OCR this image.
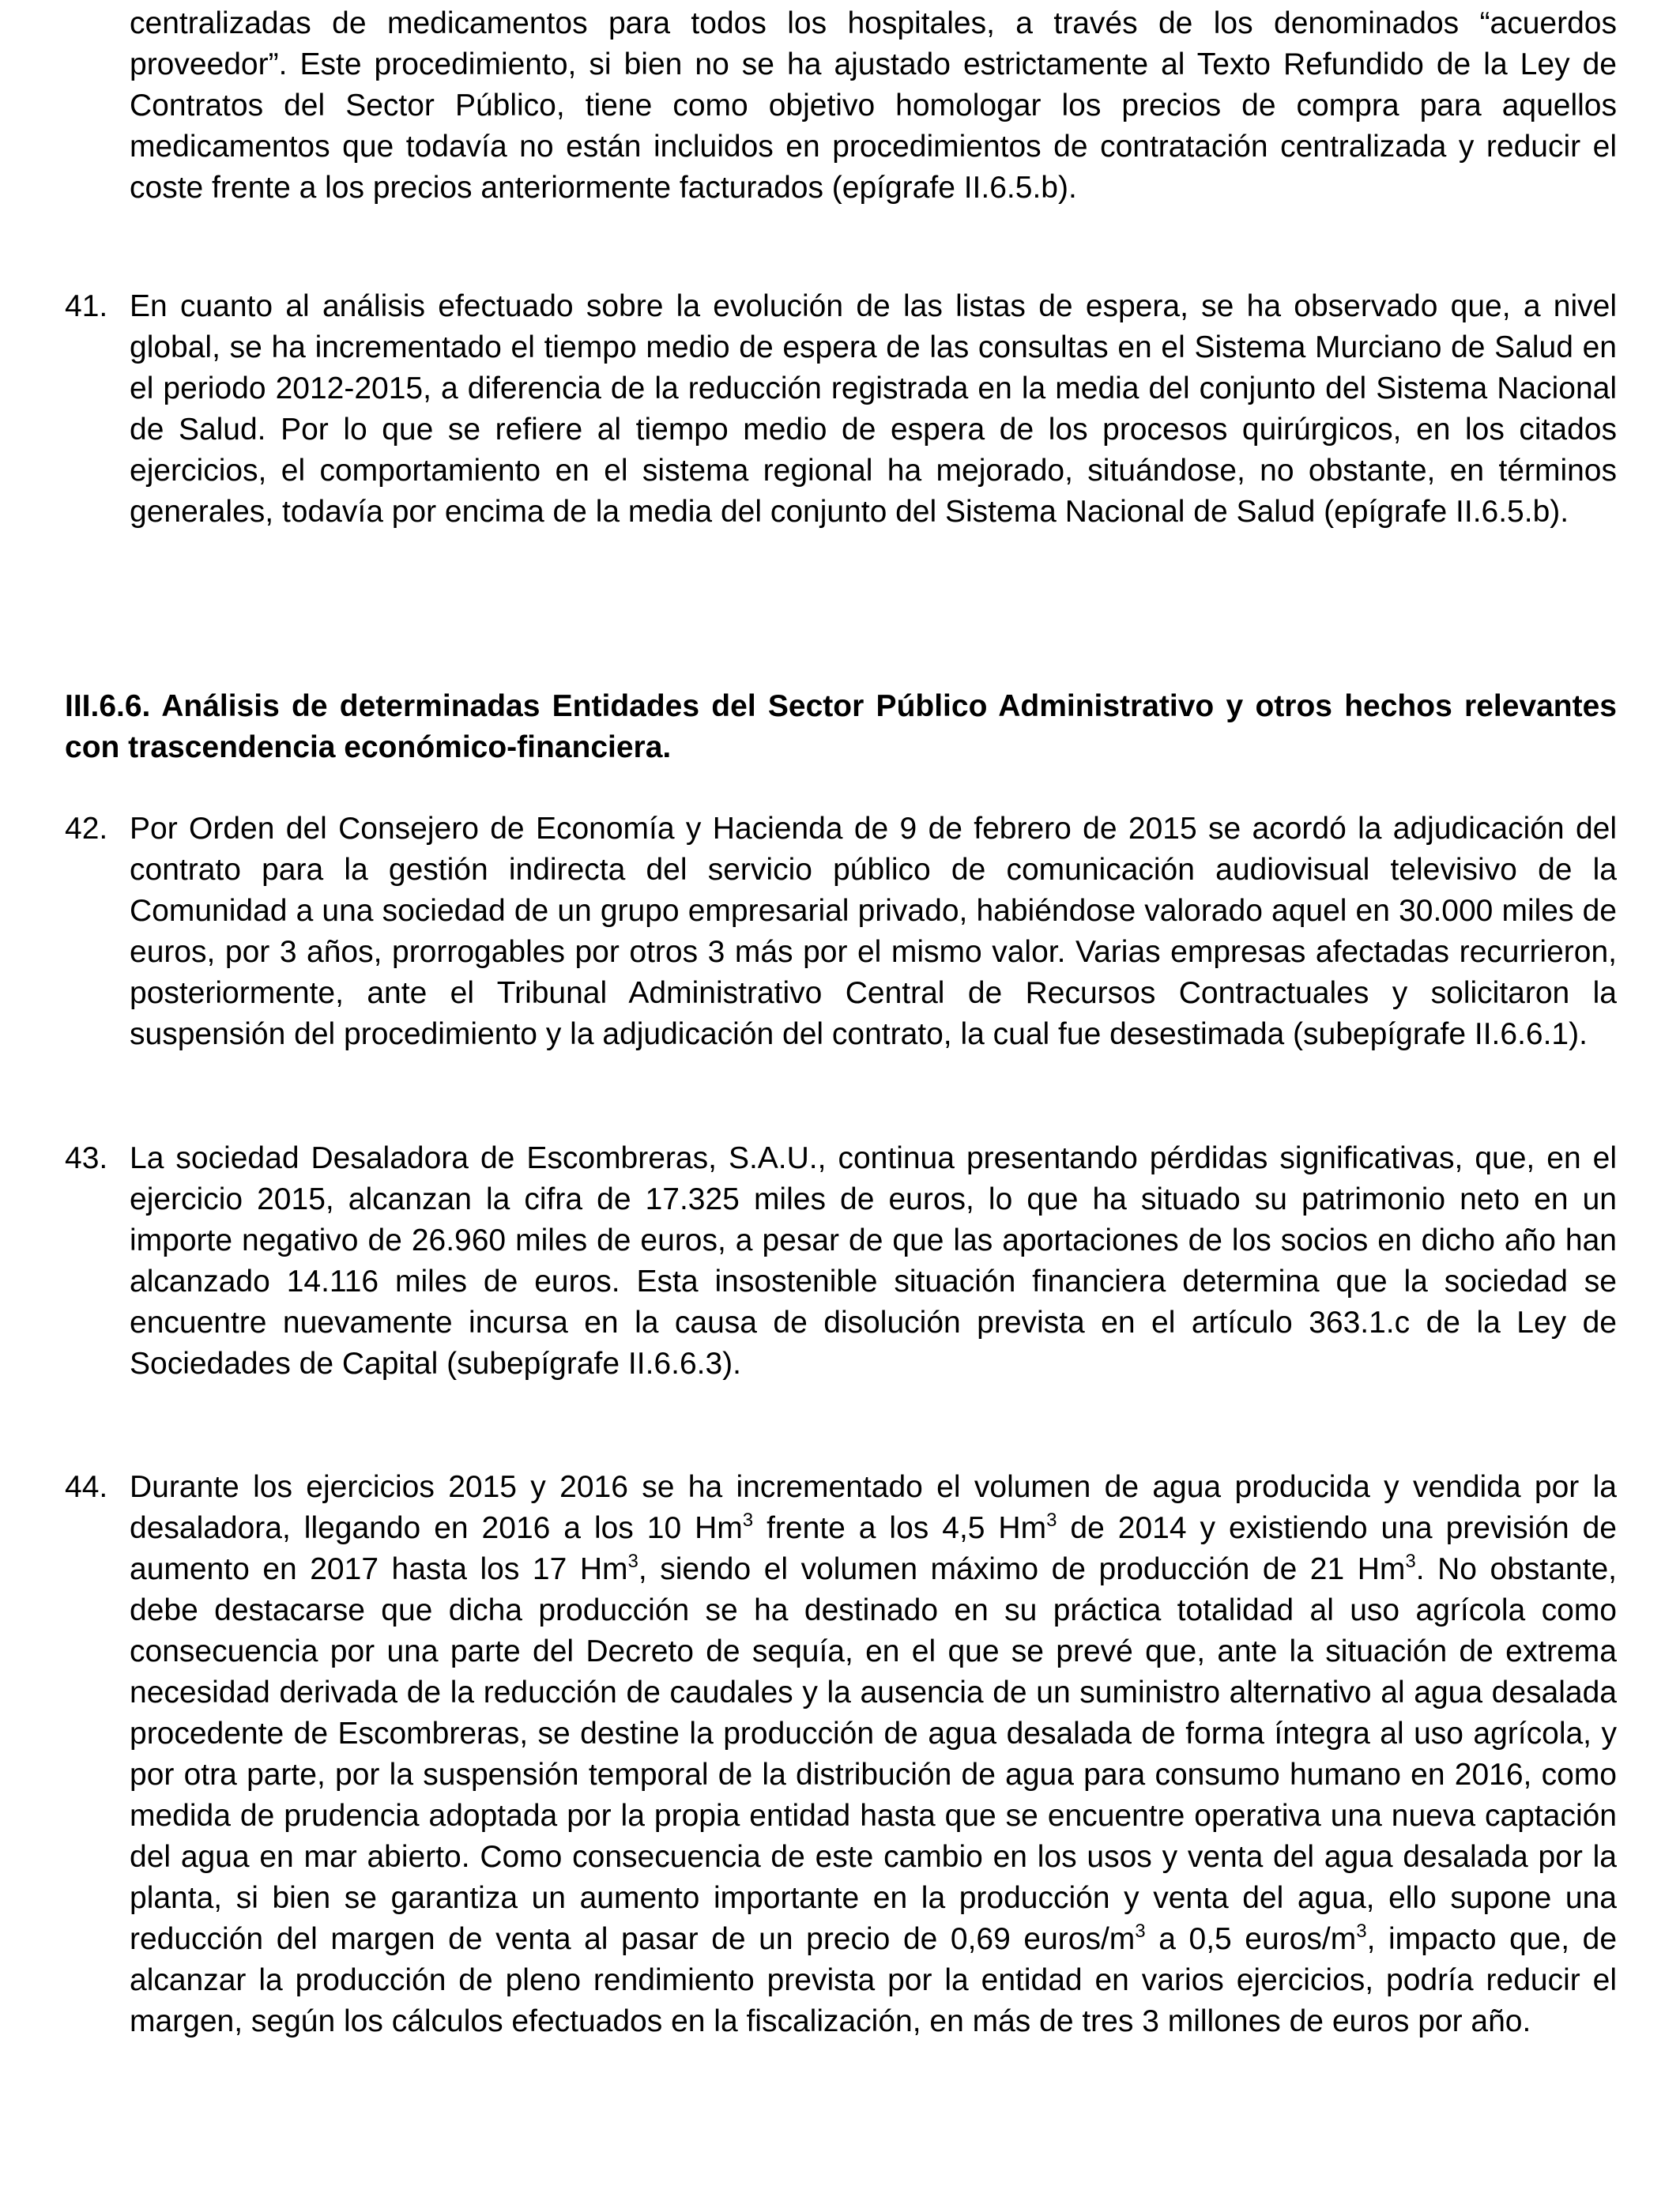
centralizadas de medicamentos para todos los hospitales, a través de los denominados “acuerdos proveedor”. Este procedimiento, si bien no se ha ajustado estrictamente al Texto Refundido de la Ley de Contratos del Sector Público, tiene como objetivo homologar los precios de compra para aquellos medicamentos que todavía no están incluidos en procedimientos de contratación centralizada y reducir el coste frente a los precios anteriormente facturados (epígrafe II.6.5.b).
41. En cuanto al análisis efectuado sobre la evolución de las listas de espera, se ha observado que, a nivel global, se ha incrementado el tiempo medio de espera de las consultas en el Sistema Murciano de Salud en el periodo 2012-2015, a diferencia de la reducción registrada en la media del conjunto del Sistema Nacional de Salud. Por lo que se refiere al tiempo medio de espera de los procesos quirúrgicos, en los citados ejercicios, el comportamiento en el sistema regional ha mejorado, situándose, no obstante, en términos generales, todavía por encima de la media del conjunto del Sistema Nacional de Salud (epígrafe II.6.5.b).
III.6.6. Análisis de determinadas Entidades del Sector Público Administrativo y otros hechos relevantes con trascendencia económico-financiera.
42. Por Orden del Consejero de Economía y Hacienda de 9 de febrero de 2015 se acordó la adjudicación del contrato para la gestión indirecta del servicio público de comunicación audiovisual televisivo de la Comunidad a una sociedad de un grupo empresarial privado, habiéndose valorado aquel en 30.000 miles de euros, por 3 años, prorrogables por otros 3 más por el mismo valor. Varias empresas afectadas recurrieron, posteriormente, ante el Tribunal Administrativo Central de Recursos Contractuales y solicitaron la suspensión del procedimiento y la adjudicación del contrato, la cual fue desestimada (subepígrafe II.6.6.1).
43. La sociedad Desaladora de Escombreras, S.A.U., continua presentando pérdidas significativas, que, en el ejercicio 2015, alcanzan la cifra de 17.325 miles de euros, lo que ha situado su patrimonio neto en un importe negativo de 26.960 miles de euros, a pesar de que las aportaciones de los socios en dicho año han alcanzado 14.116 miles de euros. Esta insostenible situación financiera determina que la sociedad se encuentre nuevamente incursa en la causa de disolución prevista en el artículo 363.1.c de la Ley de Sociedades de Capital (subepígrafe II.6.6.3).
44. Durante los ejercicios 2015 y 2016 se ha incrementado el volumen de agua producida y vendida por la desaladora, llegando en 2016 a los 10 Hm$^3$ frente a los 4,5 Hm$^3$ de 2014 y existiendo una previsión de aumento en 2017 hasta los 17 Hm$^3$, siendo el volumen máximo de producción de 21 Hm$^3$. No obstante, debe destacarse que dicha producción se ha destinado en su práctica totalidad al uso agrícola como consecuencia por una parte del Decreto de sequía, en el que se prevé que, ante la situación de extrema necesidad derivada de la reducción de caudales y la ausencia de un suministro alternativo al agua desalada procedente de Escombreras, se destine la producción de agua desalada de forma íntegra al uso agrícola, y por otra parte, por la suspensión temporal de la distribución de agua para consumo humano en 2016, como medida de prudencia adoptada por la propia entidad hasta que se encuentre operativa una nueva captación del agua en mar abierto. Como consecuencia de este cambio en los usos y venta del agua desalada por la planta, si bien se garantiza un aumento importante en la producción y venta del agua, ello supone una reducción del margen de venta al pasar de un precio de 0,69 euros/$m^3$ a 0,5 euros/$m^3$, impacto que, de alcanzar la producción de pleno rendimiento prevista por la entidad en varios ejercicios, podría reducir el margen, según los cálculos efectuados en la fiscalización, en más de tres 3 millones de euros por año.
